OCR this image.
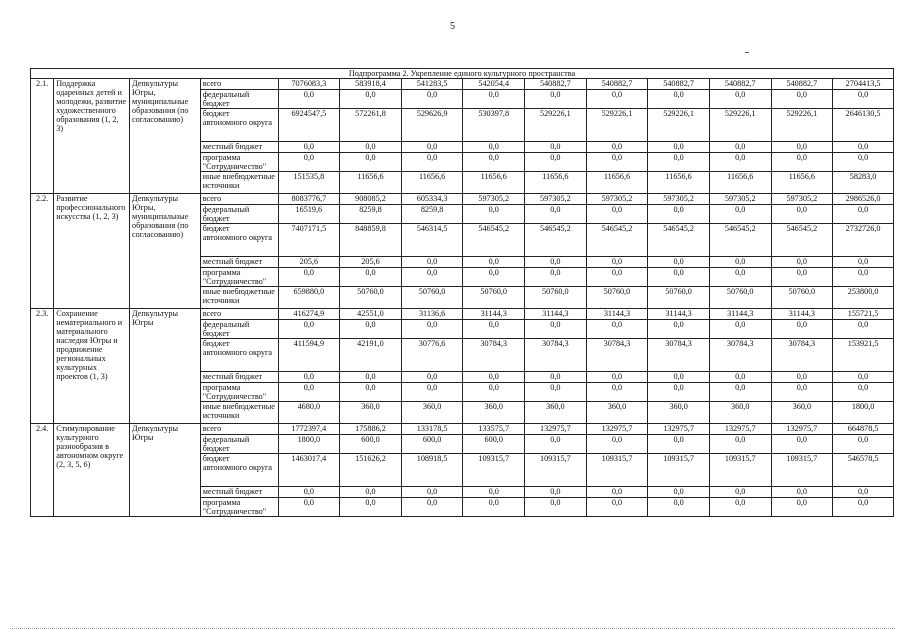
5
Подпрограмма 2. Укрепление единого культурного пространства													
2.1.	Поддержка одаренных детей и молодежи, развитие художественного образования (1, 2, 3)	Депкультуры Югры, муниципальные образования (по согласованию)	всего	7076083,3	583918,4	541283,5	542054,4	540882,7	540882,7	540882,7	540882,7	540882,7	2704413,5
			федеральный бюджет	0,0	0,0	0,0	0,0	0,0	0,0	0,0	0,0	0,0	0,0
			бюджет автономного округа	6924547,5	572261,8	529626,9	530397,8	529226,1	529226,1	529226,1	529226,1	529226,1	2646130,5
			местный бюджет	0,0	0,0	0,0	0,0	0,0	0,0	0,0	0,0	0,0	0,0
			программа "Сотрудничество"	0,0	0,0	0,0	0,0	0,0	0,0	0,0	0,0	0,0	0,0
			иные внебюджетные источники	151535,8	11656,6	11656,6	11656,6	11656,6	11656,6	11656,6	11656,6	11656,6	58283,0
2.2.	Развитие профессионального искусства (1, 2, 3)	Депкультуры Югры, муниципальные образования (по согласованию)	всего	8083776,7	908085,2	605334,3	597305,2	597305,2	597305,2	597305,2	597305,2	597305,2	2986526,0
			федеральный бюджет	16519,6	8259,8	8259,8	0,0	0,0	0,0	0,0	0,0	0,0	0,0
			бюджет автономного округа	7407171,5	848859,8	546314,5	546545,2	546545,2	546545,2	546545,2	546545,2	546545,2	2732726,0
			местный бюджет	205,6	205,6	0,0	0,0	0,0	0,0	0,0	0,0	0,0	0,0
			программа "Сотрудничество"	0,0	0,0	0,0	0,0	0,0	0,0	0,0	0,0	0,0	0,0
			иные внебюджетные источники	659880,0	50760,0	50760,0	50760,0	50760,0	50760,0	50760,0	50760,0	50760,0	253800,0
2.3.	Сохранение нематериального и материального наследия Югры и продвижение региональных культурных проектов (1, 3)	Депкультуры Югры	всего	416274,9	42551,0	31136,6	31144,3	31144,3	31144,3	31144,3	31144,3	31144,3	155721,5
			федеральный бюджет	0,0	0,0	0,0	0,0	0,0	0,0	0,0	0,0	0,0	0,0
			бюджет автономного округа	411594,9	42191,0	30776,6	30784,3	30784,3	30784,3	30784,3	30784,3	30784,3	153921,5
			местный бюджет	0,0	0,0	0,0	0,0	0,0	0,0	0,0	0,0	0,0	0,0
			программа "Сотрудничество"	0,0	0,0	0,0	0,0	0,0	0,0	0,0	0,0	0,0	0,0
			иные внебюджетные источники	4680,0	360,0	360,0	360,0	360,0	360,0	360,0	360,0	360,0	1800,0
2.4.	Стимулирование культурного разнообразия в автономном округе (2, 3, 5, 6)	Депкультуры Югры	всего	1772397,4	175886,2	133178,5	133575,7	132975,7	132975,7	132975,7	132975,7	132975,7	664878,5
			федеральный бюджет	1800,0	600,0	600,0	600,0	0,0	0,0	0,0	0,0	0,0	0,0
			бюджет автономного округа	1463017,4	151626,2	108918,5	109315,7	109315,7	109315,7	109315,7	109315,7	109315,7	546578,5
			местный бюджет	0,0	0,0	0,0	0,0	0,0	0,0	0,0	0,0	0,0	0,0
			программа "Сотрудничество"	0,0	0,0	0,0	0,0	0,0	0,0	0,0	0,0	0,0	0,0
